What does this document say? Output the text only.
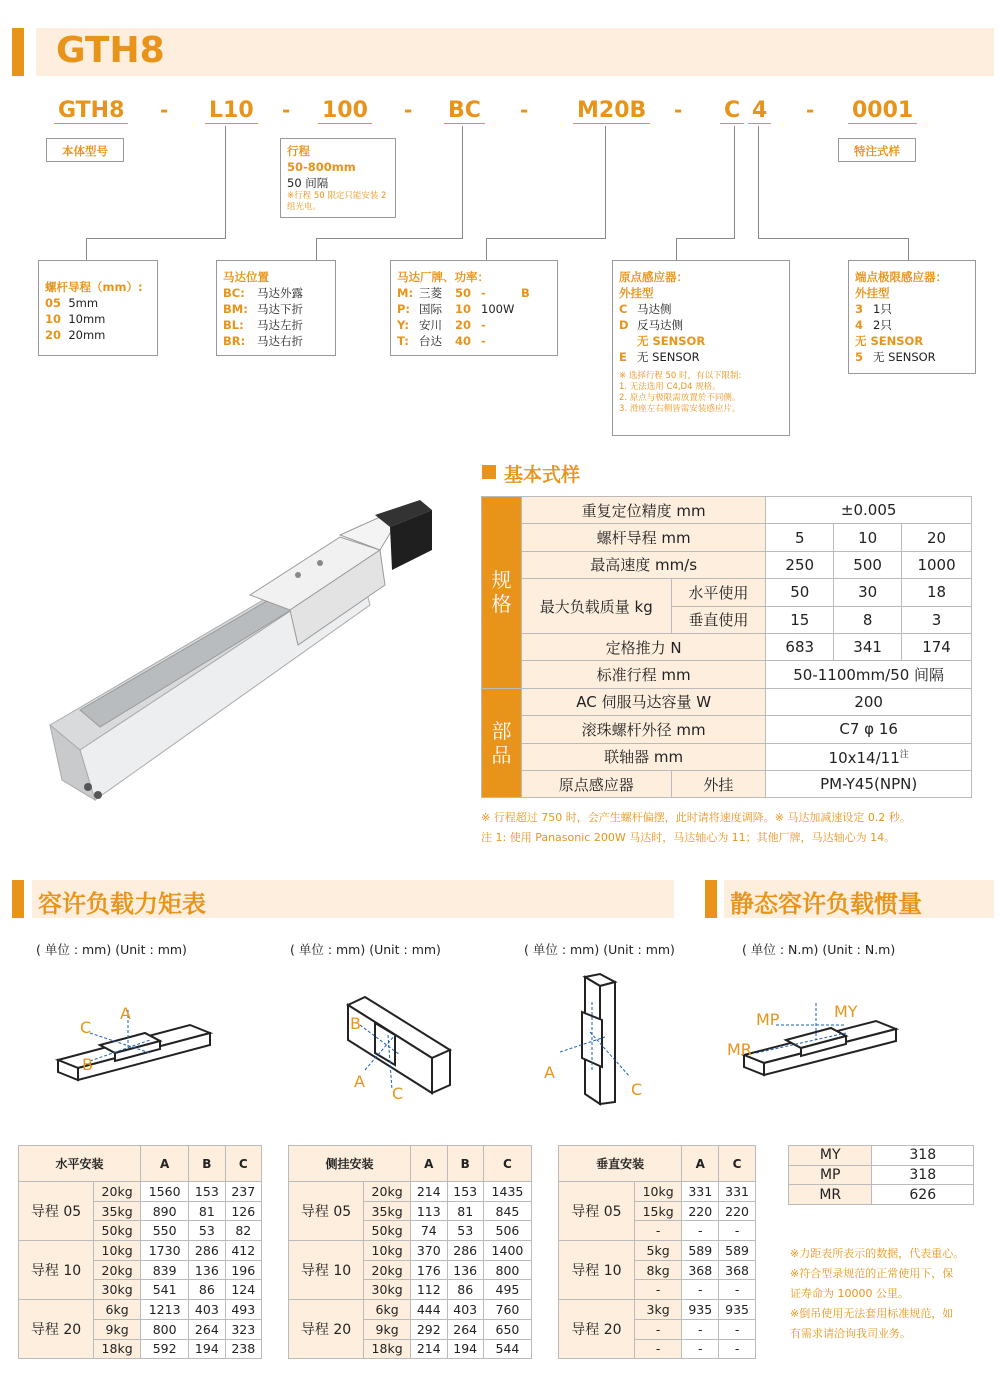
GTH8
GTH8 - L10 - 100 - BC - M20B - C 4 - 0001
本体型号	特注式样
行程
50-800mm
50 间隔
※行程 50 限定只能安装 2 组光电。
螺杆导程（mm）:
05 5mm
10 10mm
20 20mm
马达位置
BC: 马达外露
BM: 马达下折
BL: 马达左折
BR: 马达右折
马达厂牌、功率：
M: 三菱 50 -	B
P: 国际 10 100W
Y: 安川 20 -
T: 台达 40 -
原点感应器：
外挂型
C 马达侧
D 反马达侧
无 SENSOR
E 无 SENSOR
※ 选择行程 50 时，有以下限制:
1. 无法选用 C4,D4 规格。
2. 原点与极限需放置於不同侧。
3. 滑座左右侧皆需安装感应片。
端点极限感应器：
外挂型
3 1只
4 2只
无 SENSOR
5 无 SENSOR
基本式样
规格	重复定位精度 mm		±0.005		
	螺杆导程 mm		5	10	20
	最高速度 mm/s		250	500	1000
	最大负载质量 kg	水平使用	50	30	18
		垂直使用	15	8	3
	定格推力 N		683	341	174
	标准行程 mm		50-1100mm/50 间隔		
部品	AC 伺服马达容量 W		200		
	滚珠螺杆外径 mm		C7 φ 16		
	联轴器 mm		$10x14/11^注$
	原点感应器	外挂	PM-Y45(NPN)		
※ 行程超过 750 时，会产生螺杆偏摆，此时请将速度调降。※ 马达加减速设定 0.2 秒。
注 1: 使用 Panasonic 200W 马达时，马达轴心为 11；其他厂牌，马达轴心为 14。
容许负载力矩表	静态容许负载惯量
( 单位 : mm) (Unit : mm)	( 单位 : mm) (Unit : mm)	( 单位 : mm) (Unit : mm)	( 单位 : N.m) (Unit : N.m)
A
C
B
B
A
C
A
C
MP	MY
MR
水平安装		A	B	C
导程 05	20kg	1560	153	237
	35kg	890	81	126
	50kg	550	53	82
导程 10	10kg	1730	286	412
	20kg	839	136	196
	30kg	541	86	124
导程 20	6kg	1213	403	493
	9kg	800	264	323
	18kg	592	194	238
侧挂安装		A	B	C
导程 05	20kg	214	153	1435
	35kg	113	81	845
	50kg	74	53	506
导程 10	10kg	370	286	1400
	20kg	176	136	800
	30kg	112	86	495
导程 20	6kg	444	403	760
	9kg	292	264	650
	18kg	214	194	544
垂直安装		A	C
导程 05	10kg	331	331
	15kg	220	220
	-	-	-
导程 10	5kg	589	589
	8kg	368	368
	-	-	-
导程 20	3kg	935	935
	-	-	-
	-	-	-
MY	318
MP	318
MR	626
※力距表所表示的数据，代表重心。
※符合型录规范的正常使用下，保
证寿命为 10000 公里。
※倒吊使用无法套用标准规范，如
有需求请洽询我司业务。
